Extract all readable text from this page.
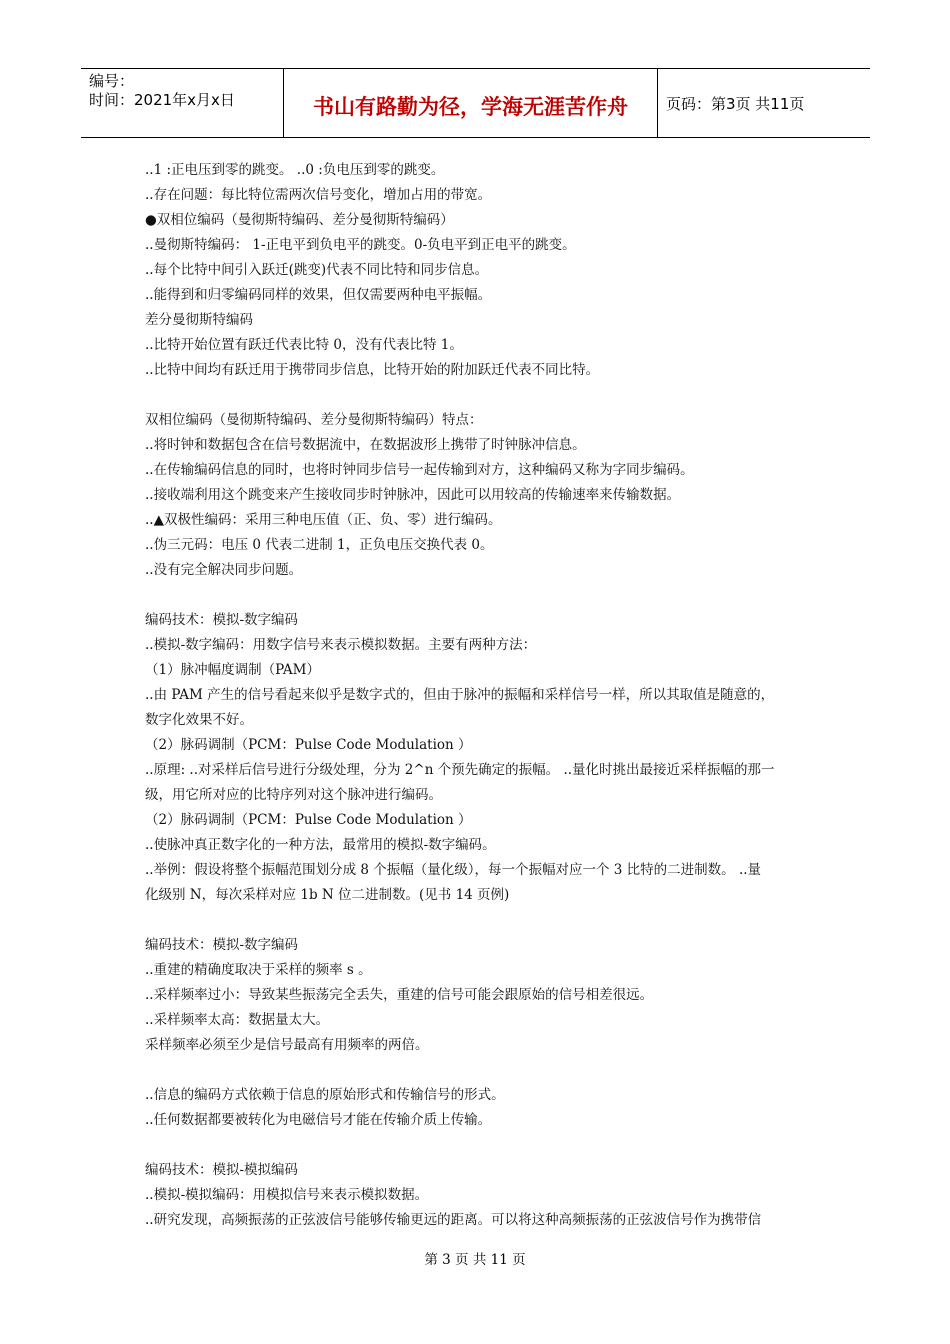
编号：
时间：2021年x月x日	书山有路勤为径，学海无涯苦作舟	页码：第3页 共11页
..1 :正电压到零的跳变。 ..0 :负电压到零的跳变。
..存在问题：每比特位需两次信号变化，增加占用的带宽。
●双相位编码（曼彻斯特编码、差分曼彻斯特编码）
..曼彻斯特编码： 1-正电平到负电平的跳变。0-负电平到正电平的跳变。
..每个比特中间引入跃迁(跳变)代表不同比特和同步信息。
..能得到和归零编码同样的效果，但仅需要两种电平振幅。
差分曼彻斯特编码
..比特开始位置有跃迁代表比特 0，没有代表比特 1。
..比特中间均有跃迁用于携带同步信息，比特开始的附加跃迁代表不同比特。
双相位编码（曼彻斯特编码、差分曼彻斯特编码）特点：
..将时钟和数据包含在信号数据流中，在数据波形上携带了时钟脉冲信息。
..在传输编码信息的同时，也将时钟同步信号一起传输到对方，这种编码又称为字同步编码。
..接收端利用这个跳变来产生接收同步时钟脉冲，因此可以用较高的传输速率来传输数据。
..▲双极性编码：采用三种电压值（正、负、零）进行编码。
..伪三元码：电压 0 代表二进制 1，正负电压交换代表 0。
..没有完全解决同步问题。
编码技术：模拟-数字编码
..模拟-数字编码：用数字信号来表示模拟数据。主要有两种方法：
（1）脉冲幅度调制（PAM）
..由 PAM 产生的信号看起来似乎是数字式的，但由于脉冲的振幅和采样信号一样，所以其取值是随意的，
数字化效果不好。
（2）脉码调制（PCM：Pulse Code Modulation ）
..原理: ..对采样后信号进行分级处理，分为 2^n 个预先确定的振幅。 ..量化时挑出最接近采样振幅的那一
级，用它所对应的比特序列对这个脉冲进行编码。
（2）脉码调制（PCM：Pulse Code Modulation ）
..使脉冲真正数字化的一种方法，最常用的模拟-数字编码。
..举例：假设将整个振幅范围划分成 8 个振幅（量化级），每一个振幅对应一个 3 比特的二进制数。 ..量
化级别 N，每次采样对应 1b N 位二进制数。(见书 14 页例)
编码技术：模拟-数字编码
..重建的精确度取决于采样的频率 s 。
..采样频率过小：导致某些振荡完全丢失，重建的信号可能会跟原始的信号相差很远。
..采样频率太高：数据量太大。
采样频率必须至少是信号最高有用频率的两倍。
..信息的编码方式依赖于信息的原始形式和传输信号的形式。
..任何数据都要被转化为电磁信号才能在传输介质上传输。
编码技术：模拟-模拟编码
..模拟-模拟编码：用模拟信号来表示模拟数据。
..研究发现，高频振荡的正弦波信号能够传输更远的距离。可以将这种高频振荡的正弦波信号作为携带信
第 3 页 共 11 页
